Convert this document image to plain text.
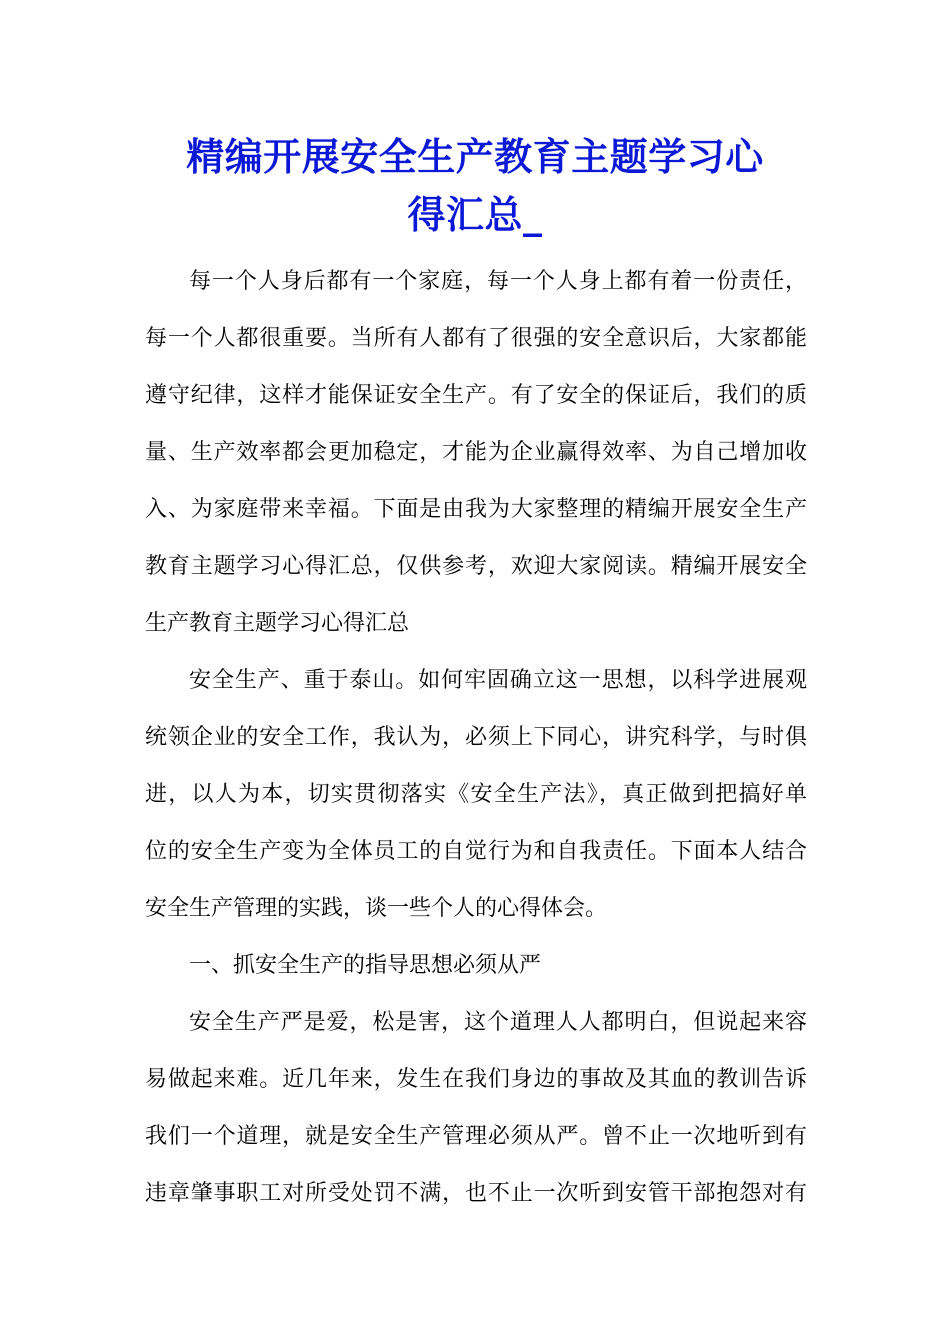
精编开展安全生产教育主题学习心
得汇总_
每一个人身后都有一个家庭，每一个人身上都有着一份责任，
每一个人都很重要。当所有人都有了很强的安全意识后，大家都能
遵守纪律，这样才能保证安全生产。有了安全的保证后，我们的质
量、生产效率都会更加稳定，才能为企业赢得效率、为自己增加收
入、为家庭带来幸福。下面是由我为大家整理的精编开展安全生产
教育主题学习心得汇总，仅供参考，欢迎大家阅读。精编开展安全
生产教育主题学习心得汇总
安全生产、重于泰山。如何牢固确立这一思想，以科学进展观
统领企业的安全工作，我认为，必须上下同心，讲究科学，与时俱
进，以人为本，切实贯彻落实《安全生产法》，真正做到把搞好单
位的安全生产变为全体员工的自觉行为和自我责任。下面本人结合
安全生产管理的实践，谈一些个人的心得体会。
一、抓安全生产的指导思想必须从严
安全生产严是爱，松是害，这个道理人人都明白，但说起来容
易做起来难。近几年来，发生在我们身边的事故及其血的教训告诉
我们一个道理，就是安全生产管理必须从严。曾不止一次地听到有
违章肇事职工对所受处罚不满，也不止一次听到安管干部抱怨对有
